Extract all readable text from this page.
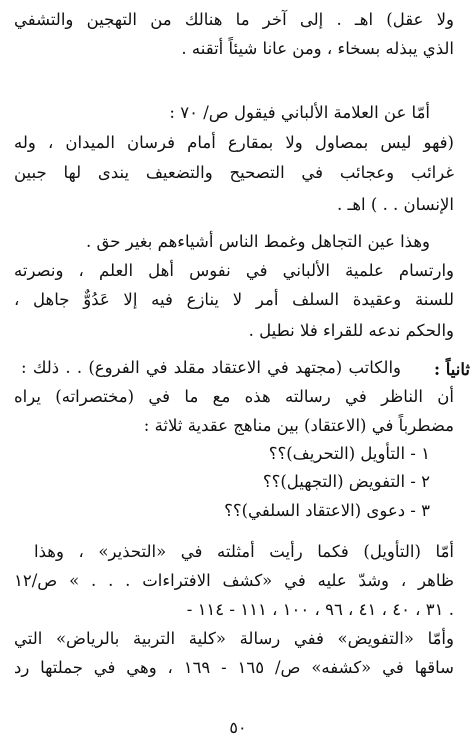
ولا عقل) اهـ . إلى آخر ما هنالك من التهجين والتشفي
الذي يبذله بسخاء ، ومن عانا شيئاً أتقنه .
أمّا عن العلامة الألباني فيقول ص/ ٧٠ :
(فهو ليس بمصاول ولا بمقارع أمام فرسان الميدان ، وله
غرائب وعجائب في التصحيح والتضعيف يندى لها جبين
الإنسان . . ) اهـ .
وهذا عين التجاهل وغمط الناس أشياءهم بغير حق .
وارتسام علمية الألباني في نفوس أهل العلم ، ونصرته
للسنة وعقيدة السلف أمر لا ينازع فيه إلا عَدُوٌّ جاهل ،
والحكم ندعه للقراء فلا نطيل .
ثانياً :
والكاتب (مجتهد في الاعتقاد مقلد في الفروع) . . ذلك :
أن الناظر في رسالته هذه مع ما في (مختصراته) يراه
مضطرباً في (الاعتقاد) بين مناهج عقدية ثلاثة :
١ - التأويل (التحريف)؟؟
٢ - التفويض (التجهيل)؟؟
٣ - دعوى (الاعتقاد السلفي)؟؟
أمّا (التأويل) فكما رأيت أمثلته في «التحذير» ، وهذا
ظاهر ، وشدّ عليه في «كشف الافتراءات . . . » ص/١٢
- ٣١ ، ٤٠ ، ٤١ ، ٩٦ ، ١٠٠ ، ١١١ - ١١٤ .
وأمّا «التفويض» ففي رسالة «كلية التربية بالرياض» التي
ساقها في «كشفه» ص/ ١٦٥ - ١٦٩ ، وهي في جملتها رد
٥٠
